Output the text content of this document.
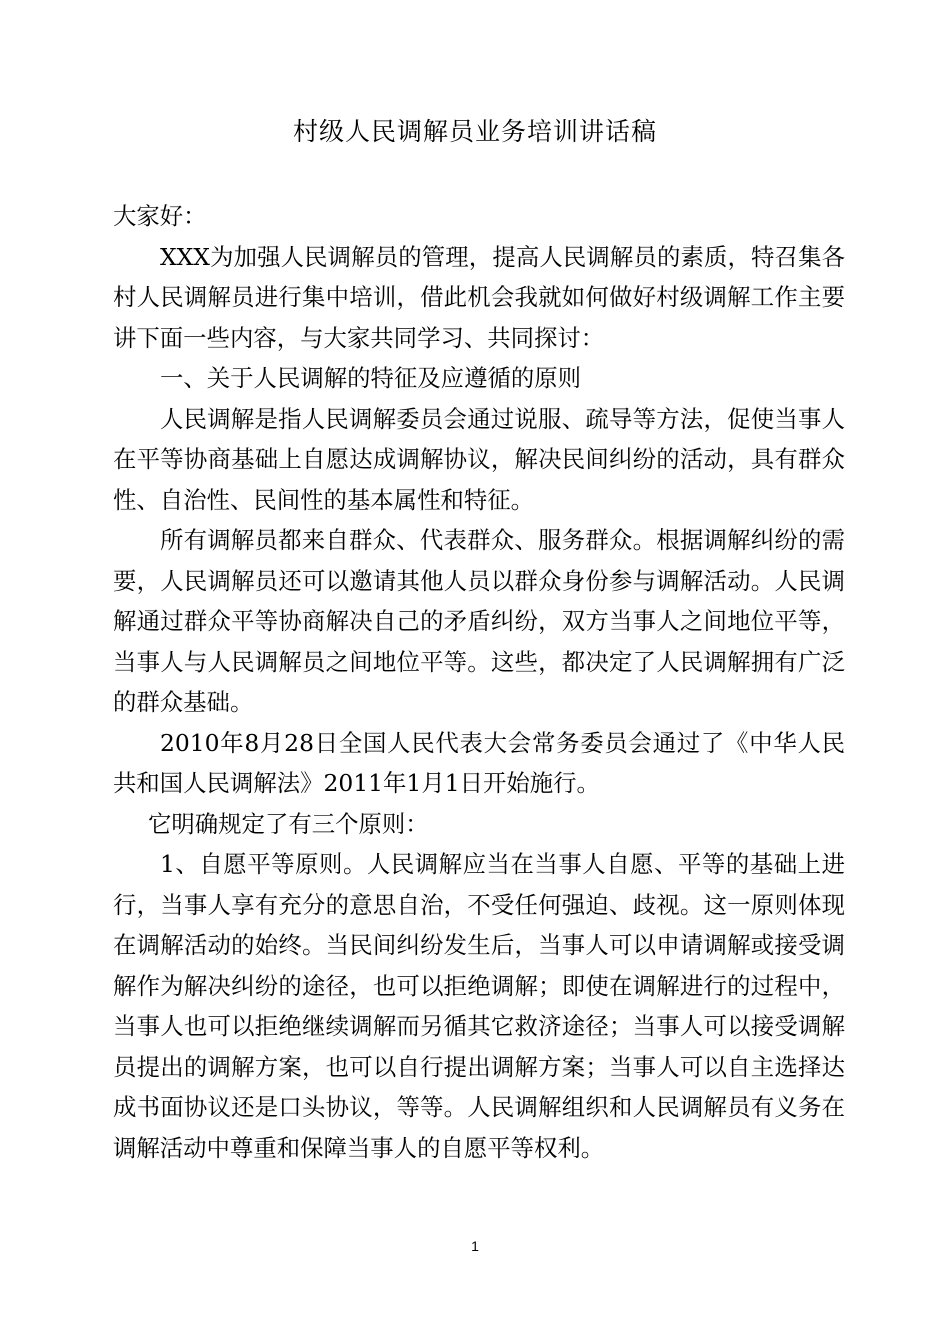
村级人民调解员业务培训讲话稿

大家好：

XXX为加强人民调解员的管理，提高人民调解员的素质，特召集各村人民调解员进行集中培训，借此机会我就如何做好村级调解工作主要讲下面一些内容，与大家共同学习、共同探讨：

一、关于人民调解的特征及应遵循的原则

人民调解是指人民调解委员会通过说服、疏导等方法，促使当事人在平等协商基础上自愿达成调解协议，解决民间纠纷的活动，具有群众性、自治性、民间性的基本属性和特征。

所有调解员都来自群众、代表群众、服务群众。根据调解纠纷的需要，人民调解员还可以邀请其他人员以群众身份参与调解活动。人民调解通过群众平等协商解决自己的矛盾纠纷，双方当事人之间地位平等，当事人与人民调解员之间地位平等。这些，都决定了人民调解拥有广泛的群众基础。

2010年8月28日全国人民代表大会常务委员会通过了《中华人民共和国人民调解法》2011年1月1日开始施行。

它明确规定了有三个原则：

1、自愿平等原则。人民调解应当在当事人自愿、平等的基础上进行，当事人享有充分的意思自治，不受任何强迫、歧视。这一原则体现在调解活动的始终。当民间纠纷发生后，当事人可以申请调解或接受调解作为解决纠纷的途径，也可以拒绝调解；即使在调解进行的过程中，当事人也可以拒绝继续调解而另循其它救济途径；当事人可以接受调解员提出的调解方案，也可以自行提出调解方案；当事人可以自主选择达成书面协议还是口头协议，等等。人民调解组织和人民调解员有义务在调解活动中尊重和保障当事人的自愿平等权利。

1
